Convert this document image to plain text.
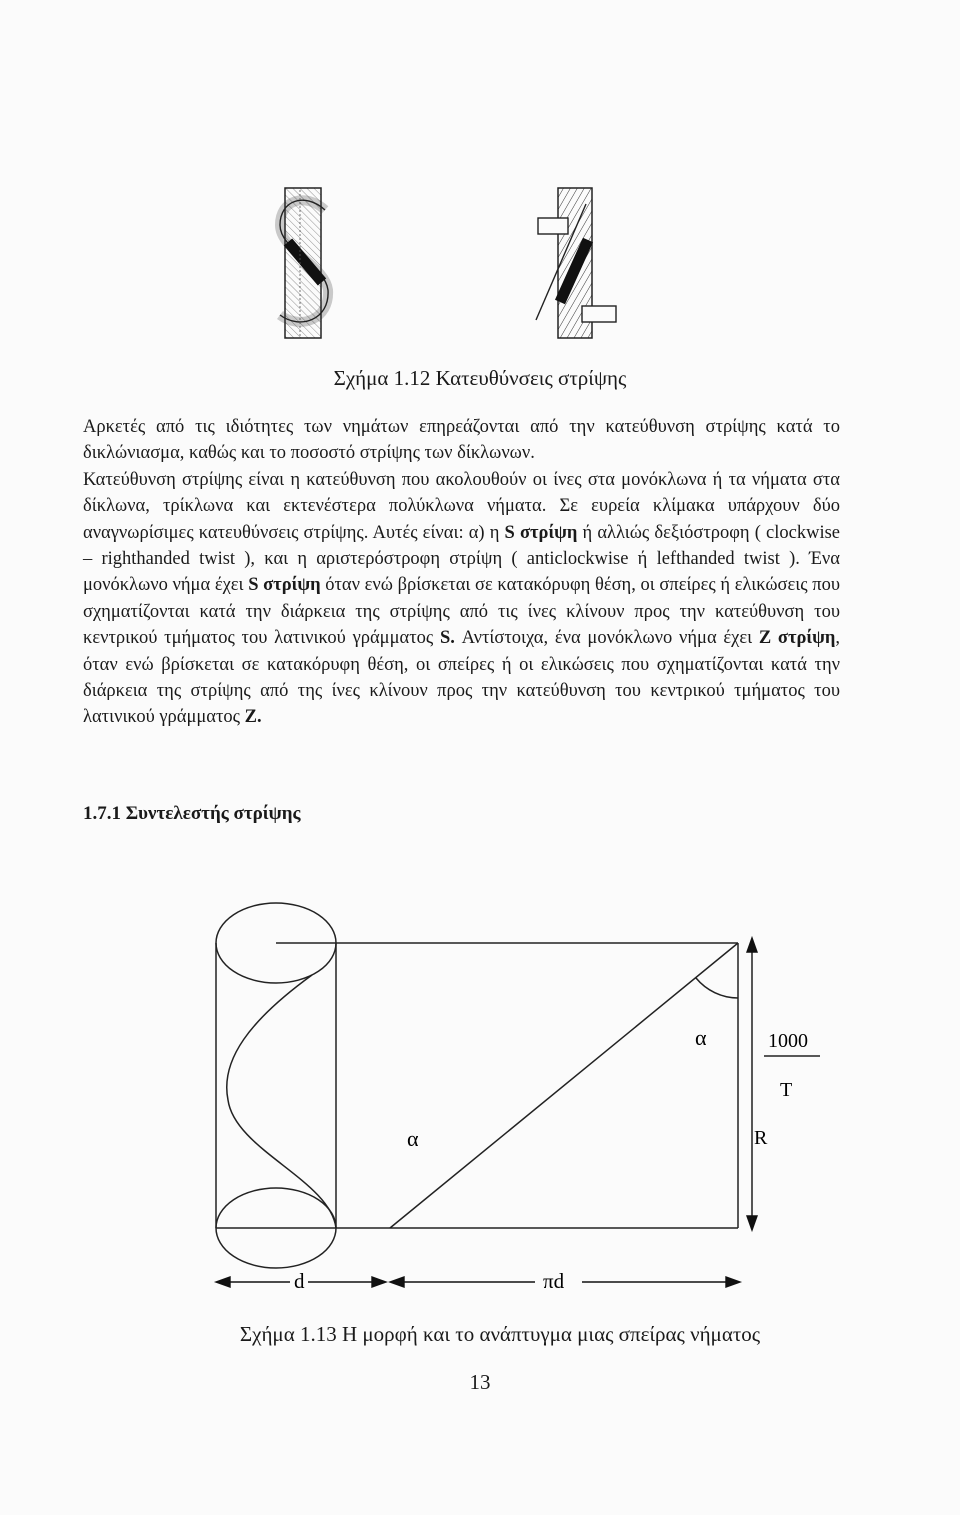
Σχήμα 1.12 Κατευθύνσεις στρίψης

Αρκετές από τις ιδιότητες των νημάτων επηρεάζονται από την κατεύθυνση στρίψης κατά το δικλώνιασμα, καθώς και το ποσοστό στρίψης των δίκλωνων.

Κατεύθυνση στρίψης είναι η κατεύθυνση που ακολουθούν οι ίνες στα μονόκλωνα ή τα νήματα στα δίκλωνα, τρίκλωνα και εκτενέστερα πολύκλωνα νήματα. Σε ευρεία κλίμακα υπάρχουν δύο αναγνωρίσιμες κατευθύνσεις στρίψης. Αυτές είναι: α) η S στρίψη ή αλλιώς δεξιόστροφη ( clockwise – righthanded twist ), και η αριστερόστροφη στρίψη ( anticlockwise ή lefthanded twist ). Ένα μονόκλωνο νήμα έχει S στρίψη όταν ενώ βρίσκεται σε κατακόρυφη θέση, οι σπείρες ή ελικώσεις που σχηματίζονται κατά την διάρκεια της στρίψης από τις ίνες κλίνουν προς την κατεύθυνση του κεντρικού τμήματος του λατινικού γράμματος S. Αντίστοιχα, ένα μονόκλωνο νήμα έχει Z στρίψη, όταν ενώ βρίσκεται σε κατακόρυφη θέση, οι σπείρες ή οι ελικώσεις που σχηματίζονται κατά την διάρκεια της στρίψης από της ίνες κλίνουν προς την κατεύθυνση του κεντρικού τμήματος του λατινικού γράμματος Z.

1.7.1 Συντελεστής στρίψης
α	1000
T
α	R
d	πd
Σχήμα 1.13 Η μορφή και το ανάπτυγμα μιας σπείρας νήματος
13
